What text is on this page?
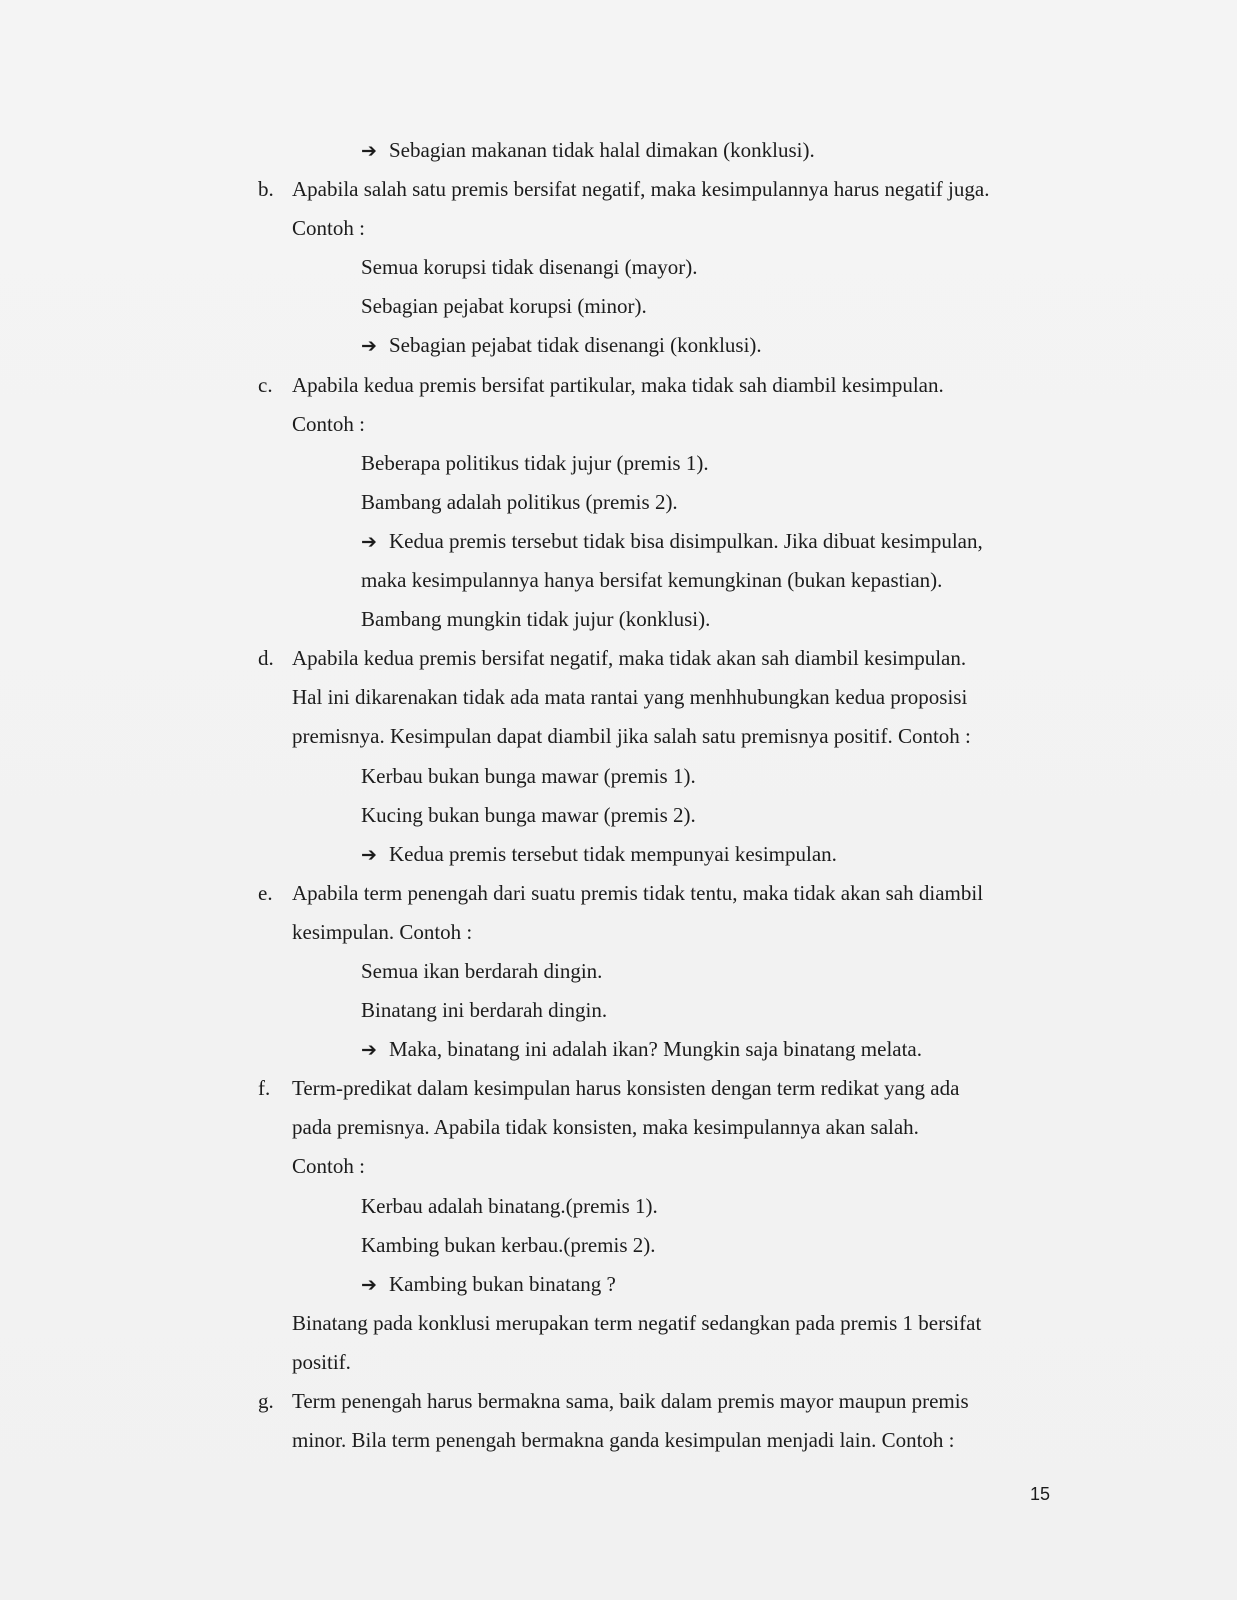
➔ Sebagian makanan tidak halal dimakan (konklusi).
b. Apabila salah satu premis bersifat negatif, maka kesimpulannya harus negatif juga.
Contoh :
Semua korupsi tidak disenangi (mayor).
Sebagian pejabat korupsi (minor).
➔ Sebagian pejabat tidak disenangi (konklusi).
c. Apabila kedua premis bersifat partikular, maka tidak sah diambil kesimpulan.
Contoh :
Beberapa politikus tidak jujur (premis 1).
Bambang adalah politikus (premis 2).
➔ Kedua premis tersebut tidak bisa disimpulkan. Jika dibuat kesimpulan,
maka kesimpulannya hanya bersifat kemungkinan (bukan kepastian).
Bambang mungkin tidak jujur (konklusi).
d. Apabila kedua premis bersifat negatif, maka tidak akan sah diambil kesimpulan.
Hal ini dikarenakan tidak ada mata rantai yang menhhubungkan kedua proposisi
premisnya. Kesimpulan dapat diambil jika salah satu premisnya positif. Contoh :
Kerbau bukan bunga mawar (premis 1).
Kucing bukan bunga mawar (premis 2).
➔ Kedua premis tersebut tidak mempunyai kesimpulan.
e. Apabila term penengah dari suatu premis tidak tentu, maka tidak akan sah diambil
kesimpulan. Contoh :
Semua ikan berdarah dingin.
Binatang ini berdarah dingin.
➔ Maka, binatang ini adalah ikan? Mungkin saja binatang melata.
f. Term-predikat dalam kesimpulan harus konsisten dengan term redikat yang ada
pada premisnya. Apabila tidak konsisten, maka kesimpulannya akan salah.
Contoh :
Kerbau adalah binatang.(premis 1).
Kambing bukan kerbau.(premis 2).
➔ Kambing bukan binatang ?
Binatang pada konklusi merupakan term negatif sedangkan pada premis 1 bersifat
positif.
g. Term penengah harus bermakna sama, baik dalam premis mayor maupun premis
minor. Bila term penengah bermakna ganda kesimpulan menjadi lain. Contoh :
15
